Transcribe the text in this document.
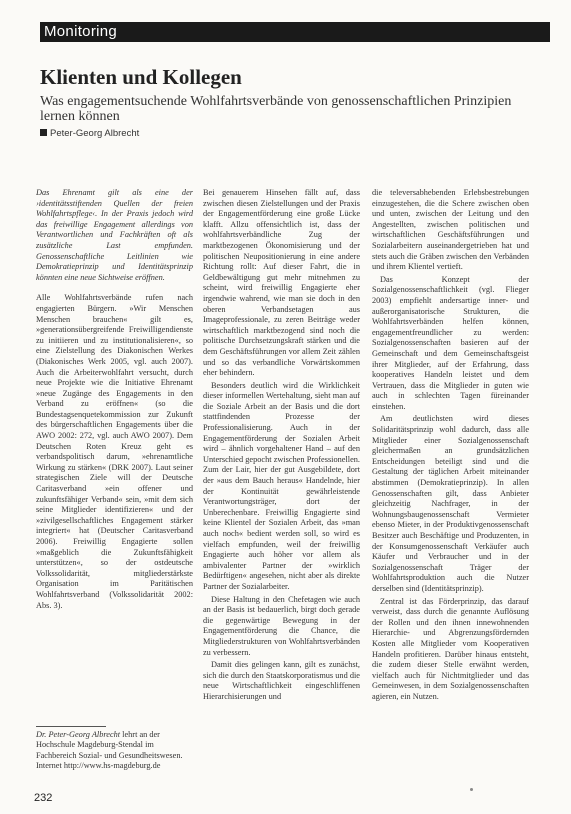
Monitoring
Klienten und Kollegen
Was engagementsuchende Wohlfahrtsverbände von genossenschaftlichen Prinzipien lernen können
Peter-Georg Albrecht

Das Ehrenamt gilt als eine der ›identitätsstiftenden Quellen der freien Wohlfahrtspflege‹. In der Praxis jedoch wird das freiwillige Engagement allerdings von Verantwortlichen und Fachkräften oft als zusätzliche Last empfunden. Genossenschaftliche Leitlinien wie Demokratieprinzip und Identitätsprinzip könnten eine neue Sichtweise eröffnen.

Alle Wohlfahrtsverbände rufen nach engagierten Bürgern. »Wir Menschen Menschen brauchen« gilt es, »generationsübergreifende Freiwilligendienste zu initiieren und zu institutionalisieren«, so eine Zielstellung des Diakonischen Werkes (Diakonisches Werk 2005, vgl. auch 2007). Auch die Arbeiterwohlfahrt versucht, durch neue Projekte wie die Initiative Ehrenamt »neue Zugänge des Engagements in den Verband zu eröffnen« (so die Bundestagsenquetekommission zur Zukunft des bürgerschaftlichen Engagements über die AWO 2002: 272, vgl. auch AWO 2007). Dem Deutschen Roten Kreuz geht es verbandspolitisch darum, »ehrenamtliche Wirkung zu stärken« (DRK 2007). Laut seiner strategischen Ziele will der Deutsche Caritasverband »ein offener und zukunftsfähiger Verband« sein, »mit dem sich seine Mitglieder identifizieren« und der »zivilgesellschaftliches Engagement stärker integriert« hat (Deutscher Caritasverband 2006). Freiwillig Engagierte sollen »maßgeblich die Zukunftsfähigkeit unterstützen«, so der ostdeutsche Volkssolidarität, mitgliederstärkste Organisation im Paritätischen Wohlfahrtsverband (Volkssolidarität 2002: Abs. 3).

Bei genauerem Hinsehen fällt auf, dass zwischen diesen Zielstellungen und der Praxis der Engagementförderung eine große Lücke klafft. Allzu offensichtlich ist, dass der wohlfahrtsverbändliche Zug der marktbezogenen Ökonomisierung und der politischen Neupositionierung in eine andere Richtung rollt: Auf dieser Fahrt, die in Geldbewältigung gut mehr mitnehmen zu scheint, wird freiwillig Engagierte eher irgendwie wahrend, wie man sie doch in den oberen Verbandsetagen aus Imageprofessionale, zu zeren Beiträge weder wirtschaftlich marktbezogend sind noch die politische Durchsetzungskraft stärken und die dem Geschäftsführungen vor allem Zeit zählen und so das verbandliche Vorwärtskommen eher behindern.

Besonders deutlich wird die Wirklichkeit dieser informellen Wertehaltung, sieht man auf die Soziale Arbeit an der Basis und die dort stattfindenden Prozesse der Professionalisierung. Auch in der Engagementförderung der Sozialen Arbeit wird – ähnlich vorgehaltener Hand – auf den Unterschied gepocht zwischen Professionellen. Zum der Lair, hier der gut Ausgebildete, dort der »aus dem Bauch heraus« Handelnde, hier der Kontinuität gewährleistende Verantwortungsträger, dort der Unberechenbare. Freiwillig Engagierte sind keine Klientel der Sozialen Arbeit, das »man auch noch« bedient werden soll, so wird es vielfach empfunden, weil der freiwillig Engagierte auch höher vor allem als ambivalenter Partner der »wirklich Bedürftigen« angesehen, nicht aber als direkte Partner der Sozialarbeiter.

Diese Haltung in den Chefetagen wie auch an der Basis ist bedauerlich, birgt doch gerade die gegenwärtige Bewegung in der Engagementförderung die Chance, die Mitgliederstrukturen von Wohlfahrtsverbänden zu verbessern.

Damit dies gelingen kann, gilt es zunächst, sich die durch den Staatskorporatismus und die neue Wirtschaftlichkeit eingeschliffenen Hierarchisierungen und

die televersabhebenden Erlebsbestrebungen einzugestehen, die die Schere zwischen oben und unten, zwischen der Leitung und den Angestellten, zwischen politischen und wirtschaftlichen Geschäftsführungen und Sozialarbeitern auseinandergetrieben hat und stets auch die Gräben zwischen den Verbänden und ihrem Klientel vertieft.

Das Konzept der Sozialgenossenschaftlichkeit (vgl. Flieger 2003) empfiehlt andersartige inner- und außerorganisatorische Strukturen, die Wohlfahrtsverbänden helfen können, engagementfreundlicher zu werden: Sozialgenossenschaften basieren auf der Gemeinschaft und dem Gemeinschaftsgeist ihrer Mitglieder, auf der Erfahrung, dass kooperatives Handeln leistet und dem Vertrauen, dass die Mitglieder in guten wie auch in schlechten Tagen füreinander einstehen.

Am deutlichsten wird dieses Solidaritätsprinzip wohl dadurch, dass alle Mitglieder einer Sozialgenossenschaft gleichermaßen an grundsätzlichen Entscheidungen beteiligt sind und die Gestaltung der täglichen Arbeit miteinander abstimmen (Demokratieprinzip). In allen Genossenschaften gilt, dass Anbieter gleichzeitig Nachfrager, in der Wohnungsbaugenossenschaft Vermieter ebenso Mieter, in der Produktivgenossenschaft Besitzer auch Beschäftige und Produzenten, in der Konsumgenossenschaft Verkäufer auch Käufer und Verbraucher und in der Sozialgenossenschaft Träger der Wohlfahrtsproduktion auch die Nutzer derselben sind (Identitätsprinzip).

Zentral ist das Förderprinzip, das darauf verweist, dass durch die genannte Auflösung der Rollen und den ihnen innewohnenden Hierarchie- und Abgrenzungsfördernden Kosten alle Mitglieder vom Kooperativen Handeln profitieren. Darüber hinaus entsteht, die zudem dieser Stelle erwähnt werden, vielfach auch für Nichtmitglieder und das Gemeinwesen, in dem Sozialgenossenschaften agieren, ein Nutzen.

Dr. Peter-Georg Albrecht lehrt an der Hochschule Magdeburg-Stendal im Fachbereich Sozial- und Gesundheitswesen.
Internet http://www.hs-magdeburg.de
232
